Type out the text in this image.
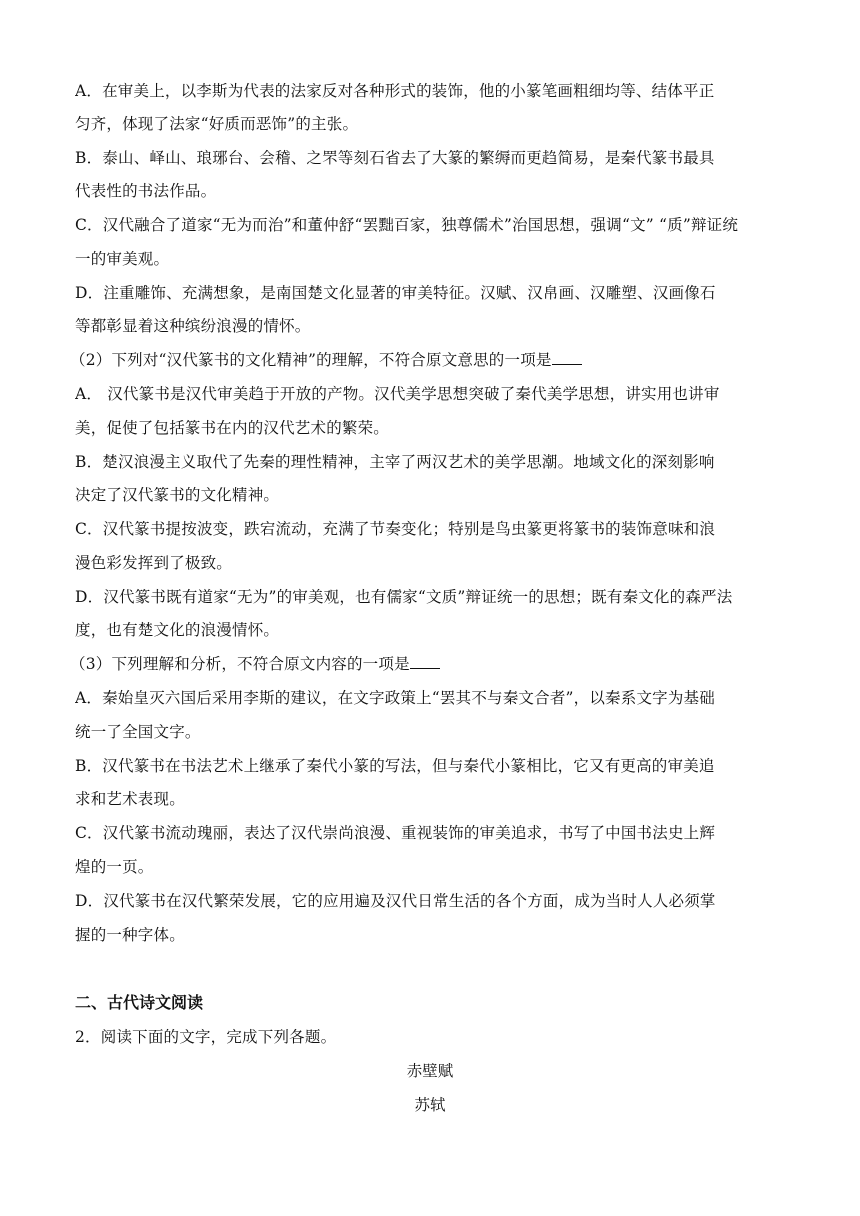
A．在审美上，以李斯为代表的法家反对各种形式的装饰，他的小篆笔画粗细均等、结体平正
匀齐，体现了法家“好质而恶饰”的主张。
B．泰山、峄山、琅琊台、会稽、之罘等刻石省去了大篆的繁缛而更趋简易，是秦代篆书最具
代表性的书法作品。
C．汉代融合了道家“无为而治”和董仲舒“罢黜百家，独尊儒术”治国思想，强调“文” “质”辩证统
一的审美观。
D．注重雕饰、充满想象，是南国楚文化显著的审美特征。汉赋、汉帛画、汉雕塑、汉画像石
等都彰显着这种缤纷浪漫的情怀。
（2）下列对“汉代篆书的文化精神”的理解，不符合原文意思的一项是
A． 汉代篆书是汉代审美趋于开放的产物。汉代美学思想突破了秦代美学思想，讲实用也讲审
美，促使了包括篆书在内的汉代艺术的繁荣。
B．楚汉浪漫主义取代了先秦的理性精神，主宰了两汉艺术的美学思潮。地域文化的深刻影响
决定了汉代篆书的文化精神。
C．汉代篆书提按波变，跌宕流动，充满了节奏变化；特别是鸟虫篆更将篆书的装饰意味和浪
漫色彩发挥到了极致。
D．汉代篆书既有道家“无为”的审美观，也有儒家“文质”辩证统一的思想；既有秦文化的森严法
度，也有楚文化的浪漫情怀。
（3）下列理解和分析，不符合原文内容的一项是
A．秦始皇灭六国后采用李斯的建议，在文字政策上“罢其不与秦文合者”，以秦系文字为基础
统一了全国文字。
B．汉代篆书在书法艺术上继承了秦代小篆的写法，但与秦代小篆相比，它又有更高的审美追
求和艺术表现。
C．汉代篆书流动瑰丽，表达了汉代崇尚浪漫、重视装饰的审美追求，书写了中国书法史上辉
煌的一页。
D．汉代篆书在汉代繁荣发展，它的应用遍及汉代日常生活的各个方面，成为当时人人必须掌
握的一种字体。
二、古代诗文阅读
2．阅读下面的文字，完成下列各题。
赤壁赋
苏轼
